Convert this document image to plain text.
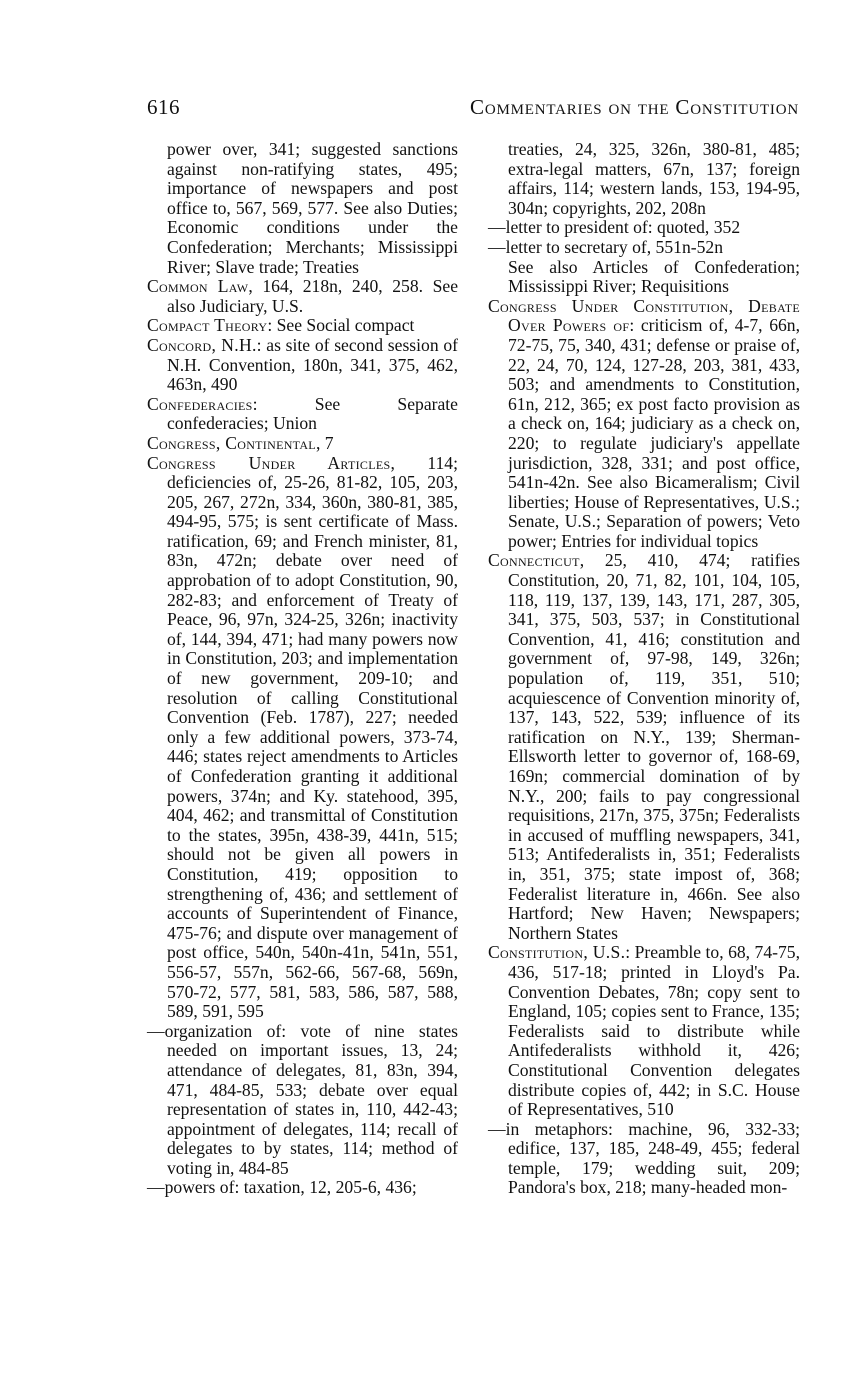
616	Commentaries on the Constitution

power over, 341; suggested sanctions against non-ratifying states, 495; importance of newspapers and post office to, 567, 569, 577. See also Duties; Economic conditions under the Confederation; Merchants; Mississippi River; Slave trade; Treaties

Common Law, 164, 218n, 240, 258. See also Judiciary, U.S.

Compact Theory: See Social compact

Concord, N.H.: as site of second session of N.H. Convention, 180n, 341, 375, 462, 463n, 490

Confederacies: See Separate confederacies; Union

Congress, Continental, 7

Congress Under Articles, 114; deficiencies of, 25-26, 81-82, 105, 203, 205, 267, 272n, 334, 360n, 380-81, 385, 494-95, 575; is sent certificate of Mass. ratification, 69; and French minister, 81, 83n, 472n; debate over need of approbation of to adopt Constitution, 90, 282-83; and enforcement of Treaty of Peace, 96, 97n, 324-25, 326n; inactivity of, 144, 394, 471; had many powers now in Constitution, 203; and implementation of new government, 209-10; and resolution of calling Constitutional Convention (Feb. 1787), 227; needed only a few additional powers, 373-74, 446; states reject amendments to Articles of Confederation granting it additional powers, 374n; and Ky. statehood, 395, 404, 462; and transmittal of Constitution to the states, 395n, 438-39, 441n, 515; should not be given all powers in Constitution, 419; opposition to strengthening of, 436; and settlement of accounts of Superintendent of Finance, 475-76; and dispute over management of post office, 540n, 540n-41n, 541n, 551, 556-57, 557n, 562-66, 567-68, 569n, 570-72, 577, 581, 583, 586, 587, 588, 589, 591, 595

—organization of: vote of nine states needed on important issues, 13, 24; attendance of delegates, 81, 83n, 394, 471, 484-85, 533; debate over equal representation of states in, 110, 442-43; appointment of delegates, 114; recall of delegates to by states, 114; method of voting in, 484-85

—powers of: taxation, 12, 205-6, 436;

treaties, 24, 325, 326n, 380-81, 485; extra-legal matters, 67n, 137; foreign affairs, 114; western lands, 153, 194-95, 304n; copyrights, 202, 208n

—letter to president of: quoted, 352

—letter to secretary of, 551n-52n

See also Articles of Confederation; Mississippi River; Requisitions

Congress Under Constitution, Debate Over Powers of: criticism of, 4-7, 66n, 72-75, 75, 340, 431; defense or praise of, 22, 24, 70, 124, 127-28, 203, 381, 433, 503; and amendments to Constitution, 61n, 212, 365; ex post facto provision as a check on, 164; judiciary as a check on, 220; to regulate judiciary's appellate jurisdiction, 328, 331; and post office, 541n-42n. See also Bicameralism; Civil liberties; House of Representatives, U.S.; Senate, U.S.; Separation of powers; Veto power; Entries for individual topics

Connecticut, 25, 410, 474; ratifies Constitution, 20, 71, 82, 101, 104, 105, 118, 119, 137, 139, 143, 171, 287, 305, 341, 375, 503, 537; in Constitutional Convention, 41, 416; constitution and government of, 97-98, 149, 326n; population of, 119, 351, 510; acquiescence of Convention minority of, 137, 143, 522, 539; influence of its ratification on N.Y., 139; Sherman-Ellsworth letter to governor of, 168-69, 169n; commercial domination of by N.Y., 200; fails to pay congressional requisitions, 217n, 375, 375n; Federalists in accused of muffling newspapers, 341, 513; Antifederalists in, 351; Federalists in, 351, 375; state impost of, 368; Federalist literature in, 466n. See also Hartford; New Haven; Newspapers; Northern States

Constitution, U.S.: Preamble to, 68, 74-75, 436, 517-18; printed in Lloyd's Pa. Convention Debates, 78n; copy sent to England, 105; copies sent to France, 135; Federalists said to distribute while Antifederalists withhold it, 426; Constitutional Convention delegates distribute copies of, 442; in S.C. House of Representatives, 510

—in metaphors: machine, 96, 332-33; edifice, 137, 185, 248-49, 455; federal temple, 179; wedding suit, 209; Pandora's box, 218; many-headed mon-
